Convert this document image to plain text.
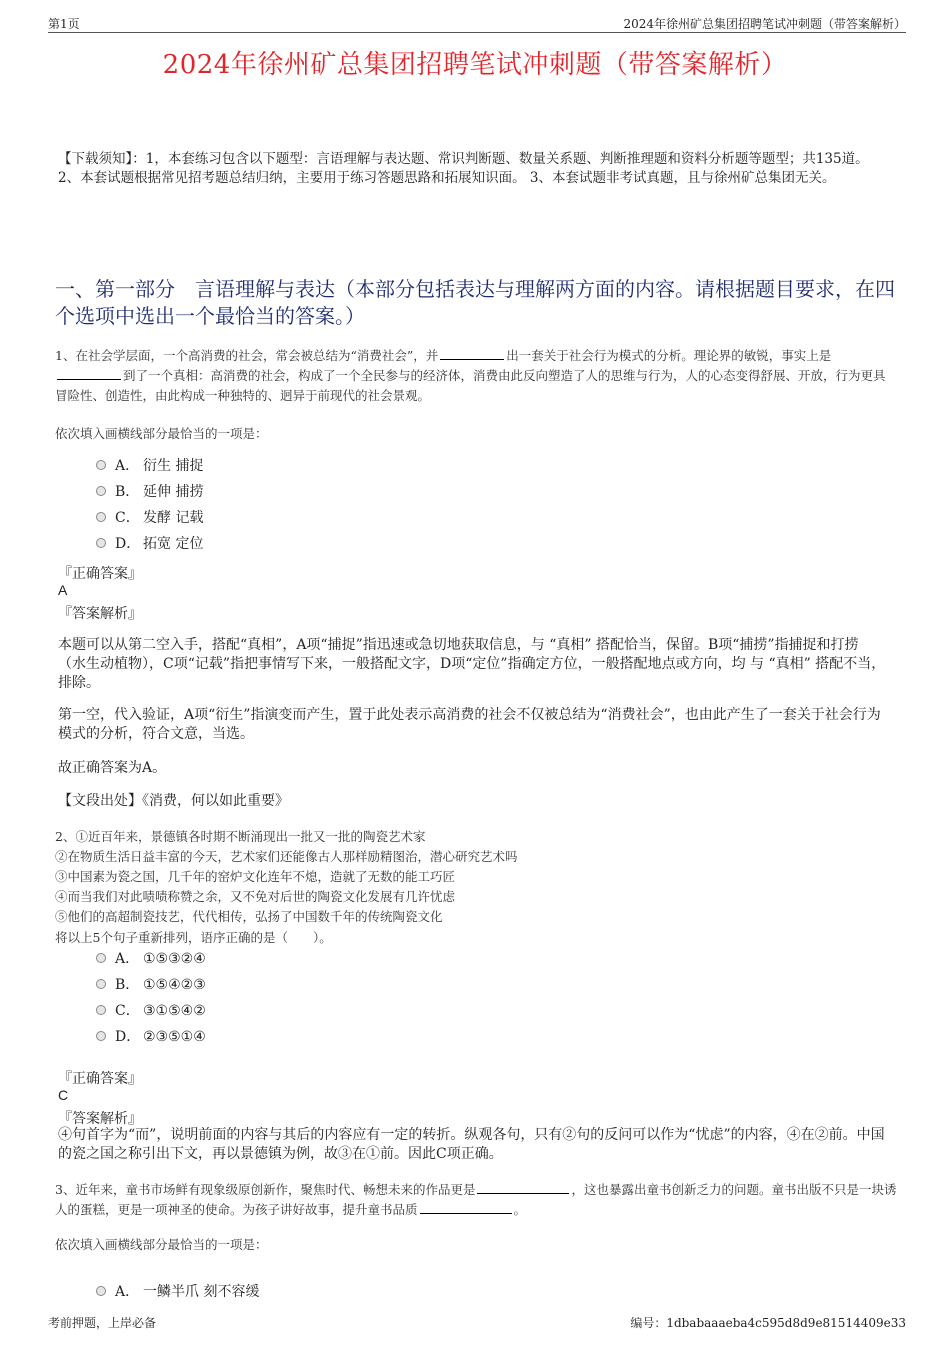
第1页	2024年徐州矿总集团招聘笔试冲刺题（带答案解析）
2024年徐州矿总集团招聘笔试冲刺题（带答案解析）
【下载须知】：1，本套练习包含以下题型：言语理解与表达题、常识判断题、数量关系题、判断推理题和资料分析题等题型；共135道。 2、本套试题根据常见招考题总结归纳，主要用于练习答题思路和拓展知识面。 3、本套试题非考试真题，且与徐州矿总集团无关。
一、第一部分　言语理解与表达（本部分包括表达与理解两方面的内容。请根据题目要求，在四个选项中选出一个最恰当的答案。）
1、在社会学层面，一个高消费的社会，常会被总结为“消费社会”，并	出一套关于社会行为模式的分析。理论界的敏锐，事实上是到了一个真相：高消费的社会，构成了一个全民参与的经济体，消费由此反向塑造了人的思维与行为，人的心态变得舒展、开放，行为更具冒险性、创造性，由此构成一种独特的、迥异于前现代的社会景观。
依次填入画横线部分最恰当的一项是：
A． 衍生 捕捉
B． 延伸 捕捞
C． 发酵 记载
D． 拓宽 定位
『正确答案』
A
『答案解析』
本题可以从第二空入手，搭配“真相”，A项“捕捉”指迅速或急切地获取信息，与 “真相” 搭配恰当，保留。B项“捕捞”指捕捉和打捞（水生动植物），C项“记载”指把事情写下来，一般搭配文字，D项“定位”指确定方位，一般搭配地点或方向，均 与 “真相” 搭配不当，排除。
第一空，代入验证，A项“衍生”指演变而产生，置于此处表示高消费的社会不仅被总结为“消费社会”，也由此产生了一套关于社会行为模式的分析，符合文意，当选。
故正确答案为A。
【文段出处】《消费，何以如此重要》
2、①近百年来，景德镇各时期不断涌现出一批又一批的陶瓷艺术家
②在物质生活日益丰富的今天，艺术家们还能像古人那样励精图治，潜心研究艺术吗
③中国素为瓷之国，几千年的窑炉文化连年不熄，造就了无数的能工巧匠
④而当我们对此啧啧称赞之余，又不免对后世的陶瓷文化发展有几许忧虑
⑤他们的高超制瓷技艺，代代相传，弘扬了中国数千年的传统陶瓷文化
将以上5个句子重新排列，语序正确的是（　　）。
A． ①⑤③②④
B． ①⑤④②③
C． ③①⑤④②
D． ②③⑤①④
『正确答案』
C
『答案解析』
④句首字为“而”，说明前面的内容与其后的内容应有一定的转折。纵观各句，只有②句的反问可以作为“忧虑”的内容，④在②前。中国的瓷之国之称引出下文，再以景德镇为例，故③在①前。因此C项正确。
3、近年来，童书市场鲜有现象级原创新作，聚焦时代、畅想未来的作品更是	，这也暴露出童书创新乏力的问题。童书出版不只是一块诱人的蛋糕，更是一项神圣的使命。为孩子讲好故事，提升童书品质	。
依次填入画横线部分最恰当的一项是：
A． 一鳞半爪 刻不容缓
考前押题，上岸必备	编号：1dbabaaaeba4c595d8d9e81514409e33
